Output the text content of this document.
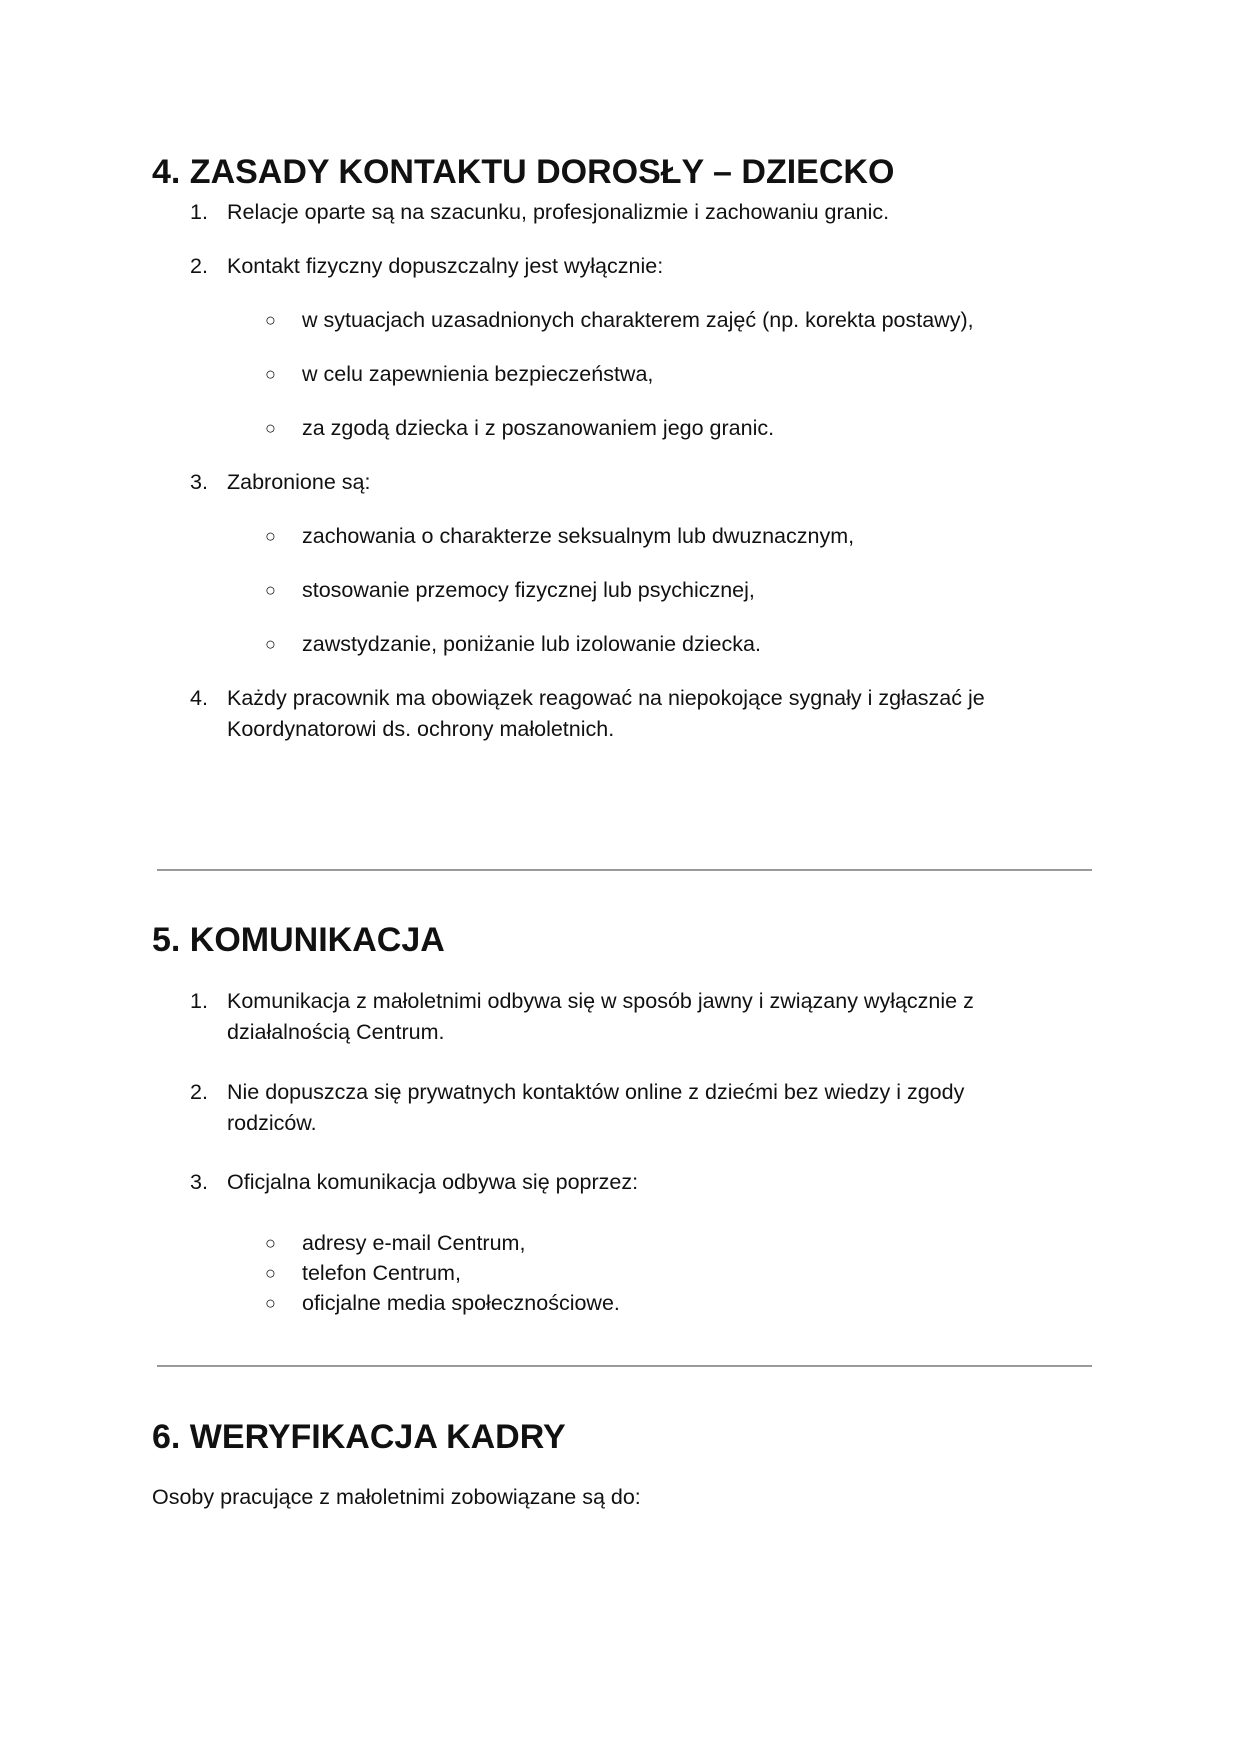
4. ZASADY KONTAKTU DOROSŁY – DZIECKO
1. Relacje oparte są na szacunku, profesjonalizmie i zachowaniu granic.
2. Kontakt fizyczny dopuszczalny jest wyłącznie:
○ w sytuacjach uzasadnionych charakterem zajęć (np. korekta postawy),
○ w celu zapewnienia bezpieczeństwa,
○ za zgodą dziecka i z poszanowaniem jego granic.
3. Zabronione są:
○ zachowania o charakterze seksualnym lub dwuznacznym,
○ stosowanie przemocy fizycznej lub psychicznej,
○ zawstydzanie, poniżanie lub izolowanie dziecka.
4. Każdy pracownik ma obowiązek reagować na niepokojące sygnały i zgłaszać je
Koordynatorowi ds. ochrony małoletnich.
5. KOMUNIKACJA
1. Komunikacja z małoletnimi odbywa się w sposób jawny i związany wyłącznie z
działalnością Centrum.
2. Nie dopuszcza się prywatnych kontaktów online z dziećmi bez wiedzy i zgody
rodziców.
3. Oficjalna komunikacja odbywa się poprzez:
○ adresy e-mail Centrum,
○ telefon Centrum,
○ oficjalne media społecznościowe.
6. WERYFIKACJA KADRY
Osoby pracujące z małoletnimi zobowiązane są do:
